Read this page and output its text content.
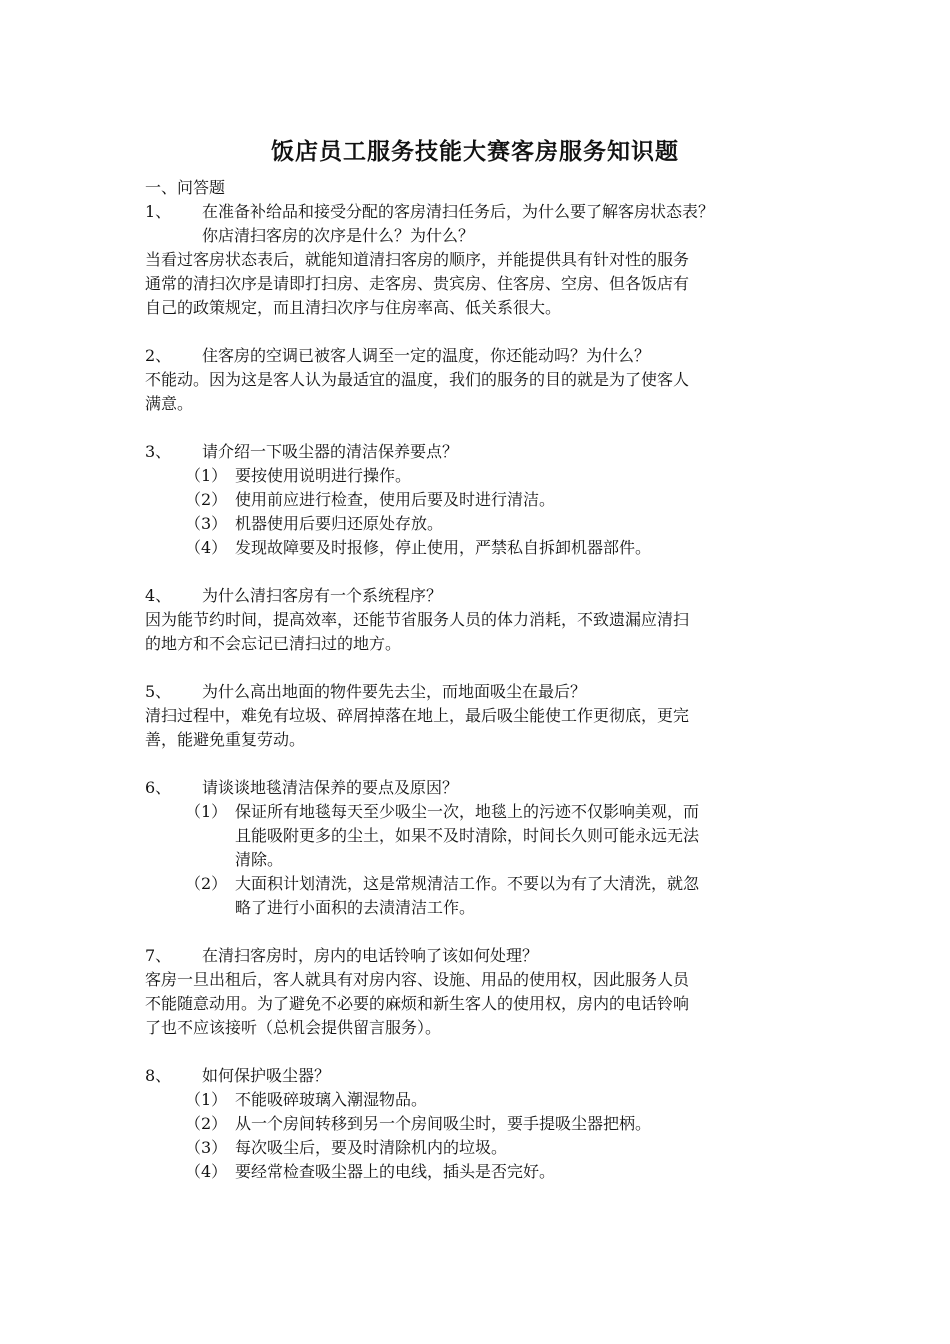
饭店员工服务技能大赛客房服务知识题
一、问答题
1、	在准备补给品和接受分配的客房清扫任务后，为什么要了解客房状态表？
你店清扫客房的次序是什么？为什么？
当看过客房状态表后，就能知道清扫客房的顺序，并能提供具有针对性的服务
通常的清扫次序是请即打扫房、走客房、贵宾房、住客房、空房、但各饭店有
自己的政策规定，而且清扫次序与住房率高、低关系很大。
2、	住客房的空调已被客人调至一定的温度，你还能动吗？为什么？
不能动。因为这是客人认为最适宜的温度，我们的服务的目的就是为了使客人
满意。
3、	请介绍一下吸尘器的清洁保养要点？
（1） 要按使用说明进行操作。
（2） 使用前应进行检查，使用后要及时进行清洁。
（3） 机器使用后要归还原处存放。
（4） 发现故障要及时报修，停止使用，严禁私自拆卸机器部件。
4、	为什么清扫客房有一个系统程序？
因为能节约时间，提高效率，还能节省服务人员的体力消耗，不致遗漏应清扫
的地方和不会忘记已清扫过的地方。
5、	为什么高出地面的物件要先去尘，而地面吸尘在最后？
清扫过程中，难免有垃圾、碎屑掉落在地上，最后吸尘能使工作更彻底，更完
善，能避免重复劳动。
6、	请谈谈地毯清洁保养的要点及原因？
（1） 保证所有地毯每天至少吸尘一次，地毯上的污迹不仅影响美观，而
且能吸附更多的尘土，如果不及时清除，时间长久则可能永远无法
清除。
（2） 大面积计划清洗，这是常规清洁工作。不要以为有了大清洗，就忽
略了进行小面积的去渍清洁工作。
7、	在清扫客房时，房内的电话铃响了该如何处理？
客房一旦出租后，客人就具有对房内容、设施、用品的使用权，因此服务人员
不能随意动用。为了避免不必要的麻烦和新生客人的使用权，房内的电话铃响
了也不应该接听（总机会提供留言服务）。
8、	如何保护吸尘器？
（1） 不能吸碎玻璃入潮湿物品。
（2） 从一个房间转移到另一个房间吸尘时，要手提吸尘器把柄。
（3） 每次吸尘后，要及时清除机内的垃圾。
（4） 要经常检查吸尘器上的电线，插头是否完好。
